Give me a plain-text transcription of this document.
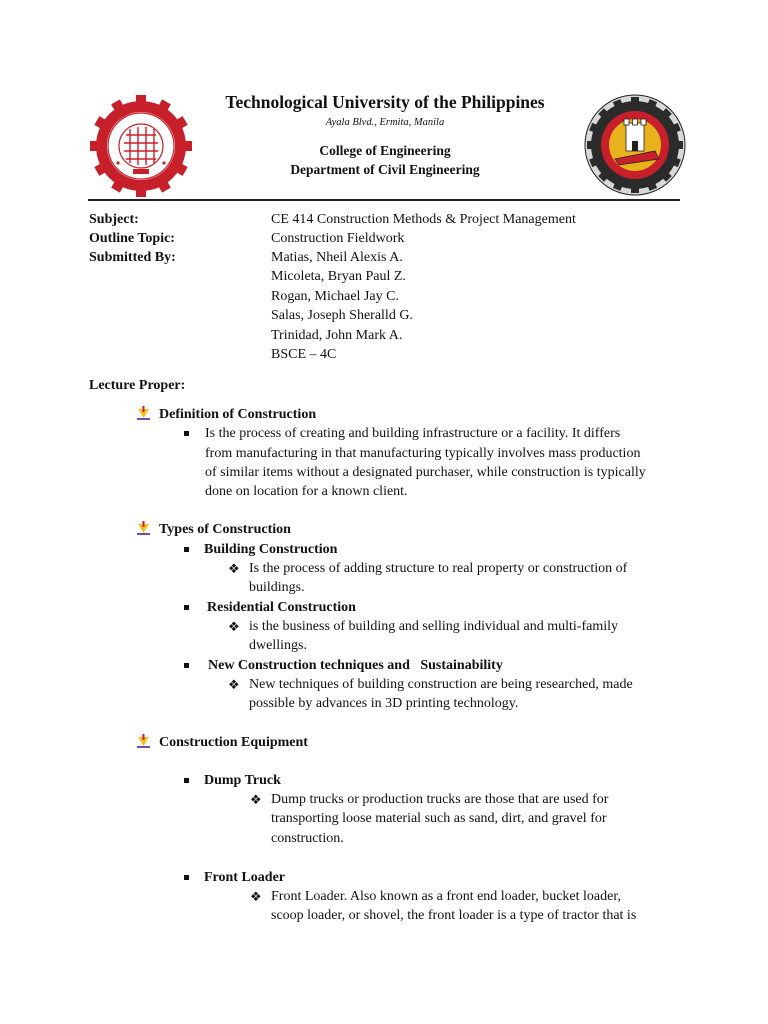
Technological University of the Philippines
Ayala Blvd., Ermita, Manila
College of Engineering
Department of Civil Engineering
Subject:	CE 414 Construction Methods & Project Management
Outline Topic:	Construction Fieldwork
Submitted By:	Matias, Nheil Alexis A.
Micoleta, Bryan Paul Z.
Rogan, Michael Jay C.
Salas, Joseph Sheralld G.
Trinidad, John Mark A.
BSCE – 4C
Lecture Proper:
Definition of Construction
Is the process of creating and building infrastructure or a facility. It differs
from manufacturing in that manufacturing typically involves mass production
of similar items without a designated purchaser, while construction is typically
done on location for a known client.
Types of Construction
Building Construction
❖ Is the process of adding structure to real property or construction of
buildings.
Residential Construction
❖ is the business of building and selling individual and multi-family
dwellings.
New Construction techniques and   Sustainability
❖ New techniques of building construction are being researched, made
possible by advances in 3D printing technology.
Construction Equipment
Dump Truck
❖ Dump trucks or production trucks are those that are used for
transporting loose material such as sand, dirt, and gravel for
construction.
Front Loader
❖ Front Loader. Also known as a front end loader, bucket loader,
scoop loader, or shovel, the front loader is a type of tractor that is
